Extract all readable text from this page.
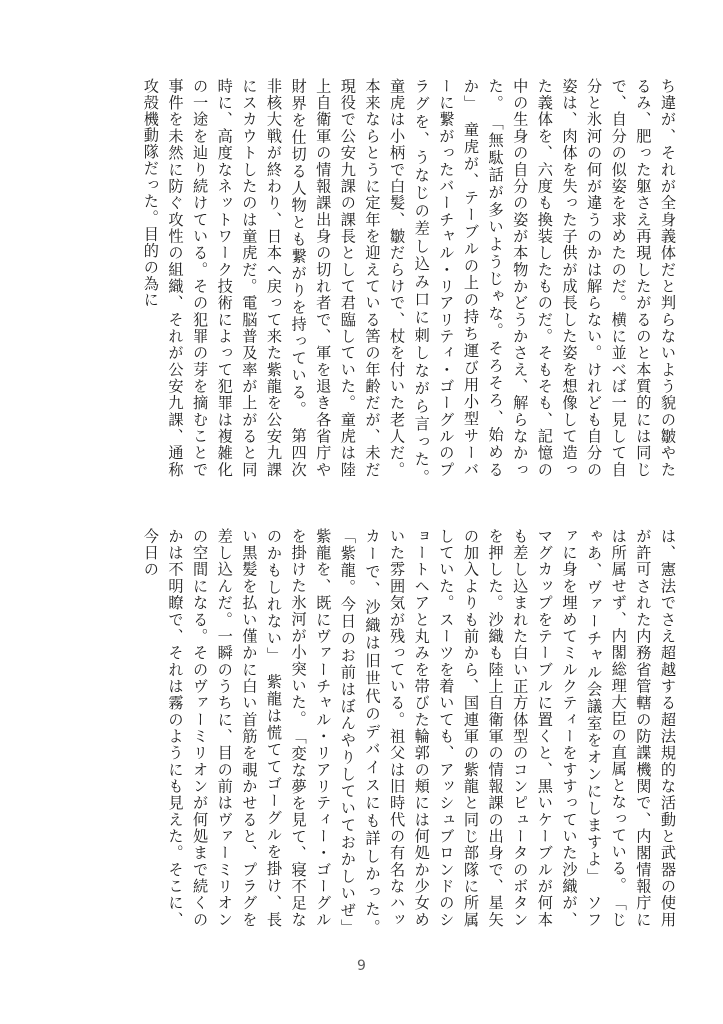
ち違が、それが全身義体だと判らないよう貌の皺やたるみ、肥った躯さえ再現したがるのと本質的には同じで、自分の似姿を求めたのだ。横に並べば一見して自分と氷河の何が違うのかは解らない。けれども自分の姿は、肉体を失った子供が成長した姿を想像して造った義体を、六度も換装したものだ。そもそも、記憶の中の生身の自分の姿が本物かどうかさえ、解らなかった。　「無駄話が多いようじゃな。そろそろ、始めるか」　童虎が、テーブルの上の持ち運び用小型サーバーに繋がったバーチャル・リアリティ・ゴーグルのプラグを、うなじの差し込み口に刺しながら言った。　童虎は小柄で白髪、皺だらけで、杖を付いた老人だ。本来ならとうに定年を迎えている筈の年齢だが、未だ現役で公安九課の課長として君臨していた。童虎は陸上自衛軍の情報課出身の切れ者で、軍を退き各省庁や財界を仕切る人物とも繋がりを持っている。　第四次非核大戦が終わり、日本へ戻って来た紫龍を公安九課にスカウトしたのは童虎だ。電脳普及率が上がると同時に、高度なネットワーク技術によって犯罪は複雑化の一途を辿り続けている。その犯罪の芽を摘むことで事件を未然に防ぐ攻性の組織、それが公安九課、通称攻殻機動隊だった。目的の為に
は、憲法でさえ超越する超法規的な活動と武器の使用が許可された内務省管轄の防諜機関で、内閣情報庁には所属せず、内閣総理大臣の直属となっている。　「じゃあ、ヴァーチャル会議室をオンにしますよ」　ソファに身を埋めてミルクティーをすすっていた沙織が、マグカップをテーブルに置くと、黒いケーブルが何本も差し込まれた白い正方体型のコンピュータのボタンを押した。沙織も陸上自衛軍の情報課の出身で、星矢の加入よりも前から、国連軍の紫龍と同じ部隊に所属していた。スーツを着いても、アッシュブロンドのショートヘアと丸みを帯びた輪郭の頬には何処か少女めいた雰囲気が残っている。祖父は旧時代の有名なハッカーで、沙織は旧世代のデバイスにも詳しかった。　「紫龍。今日のお前はぼんやりしていておかしいぜ」　紫龍を、既にヴァーチャル・リアリティー・ゴーグルを掛けた氷河が小突いた。　「変な夢を見て、寝不足なのかもしれない」　紫龍は慌ててゴーグルを掛け、長い黒髪を払い僅かに白い首筋を覗かせると、プラグを差し込んだ。一瞬のうちに、目の前はヴァーミリオンの空間になる。そのヴァーミリオンが何処まで続くのかは不明瞭で、それは霧のようにも見えた。そこに、今日の
9
